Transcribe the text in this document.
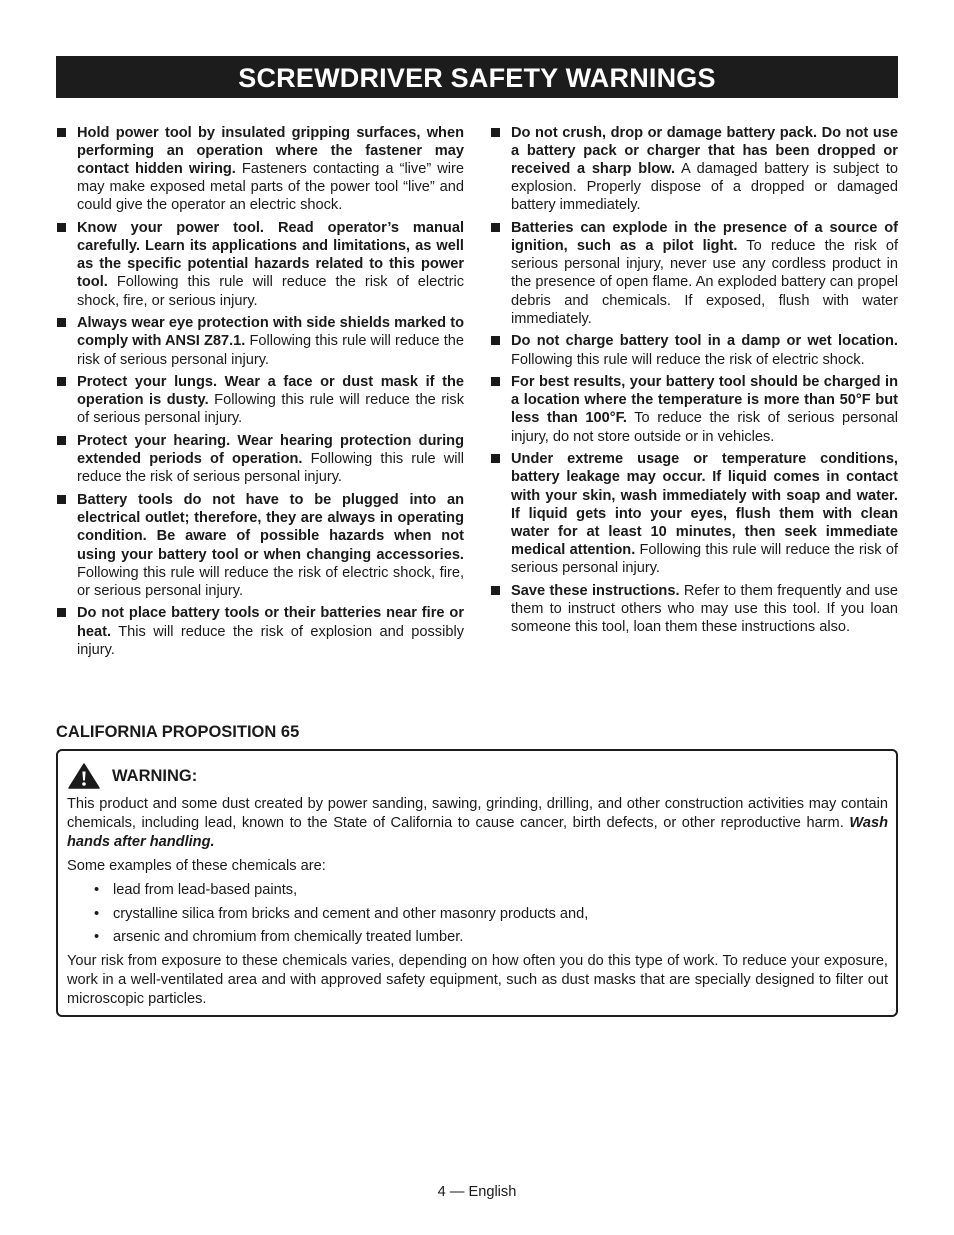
SCREWDRIVER SAFETY WARNINGS
Hold power tool by insulated gripping surfaces, when performing an operation where the fastener may contact hidden wiring. Fasteners contacting a “live” wire may make exposed metal parts of the power tool “live” and could give the operator an electric shock.
Know your power tool. Read operator’s manual carefully. Learn its applications and limitations, as well as the specific potential hazards related to this power tool. Following this rule will reduce the risk of electric shock, fire, or serious injury.
Always wear eye protection with side shields marked to comply with ANSI Z87.1. Following this rule will reduce the risk of serious personal injury.
Protect your lungs. Wear a face or dust mask if the operation is dusty. Following this rule will reduce the risk of serious personal injury.
Protect your hearing. Wear hearing protection during extended periods of operation. Following this rule will reduce the risk of serious personal injury.
Battery tools do not have to be plugged into an electrical outlet; therefore, they are always in operating condition. Be aware of possible hazards when not using your battery tool or when changing accessories. Following this rule will reduce the risk of electric shock, fire, or serious personal injury.
Do not place battery tools or their batteries near fire or heat. This will reduce the risk of explosion and possibly injury.
Do not crush, drop or damage battery pack. Do not use a battery pack or charger that has been dropped or received a sharp blow. A damaged battery is subject to explosion. Properly dispose of a dropped or damaged battery immediately.
Batteries can explode in the presence of a source of ignition, such as a pilot light. To reduce the risk of serious personal injury, never use any cordless product in the presence of open flame. An exploded battery can propel debris and chemicals. If exposed, flush with water immediately.
Do not charge battery tool in a damp or wet location. Following this rule will reduce the risk of electric shock.
For best results, your battery tool should be charged in a location where the temperature is more than 50°F but less than 100°F. To reduce the risk of serious personal injury, do not store outside or in vehicles.
Under extreme usage or temperature conditions, battery leakage may occur. If liquid comes in contact with your skin, wash immediately with soap and water. If liquid gets into your eyes, flush them with clean water for at least 10 minutes, then seek immediate medical attention. Following this rule will reduce the risk of serious personal injury.
Save these instructions. Refer to them frequently and use them to instruct others who may use this tool. If you loan someone this tool, loan them these instructions also.
CALIFORNIA PROPOSITION 65
WARNING:

This product and some dust created by power sanding, sawing, grinding, drilling, and other construction activities may contain chemicals, including lead, known to the State of California to cause cancer, birth defects, or other reproductive harm. Wash hands after handling.

Some examples of these chemicals are:

• lead from lead-based paints,
• crystalline silica from bricks and cement and other masonry products and,
• arsenic and chromium from chemically treated lumber.

Your risk from exposure to these chemicals varies, depending on how often you do this type of work. To reduce your exposure, work in a well-ventilated area and with approved safety equipment, such as dust masks that are specially designed to filter out microscopic particles.

4 — English
